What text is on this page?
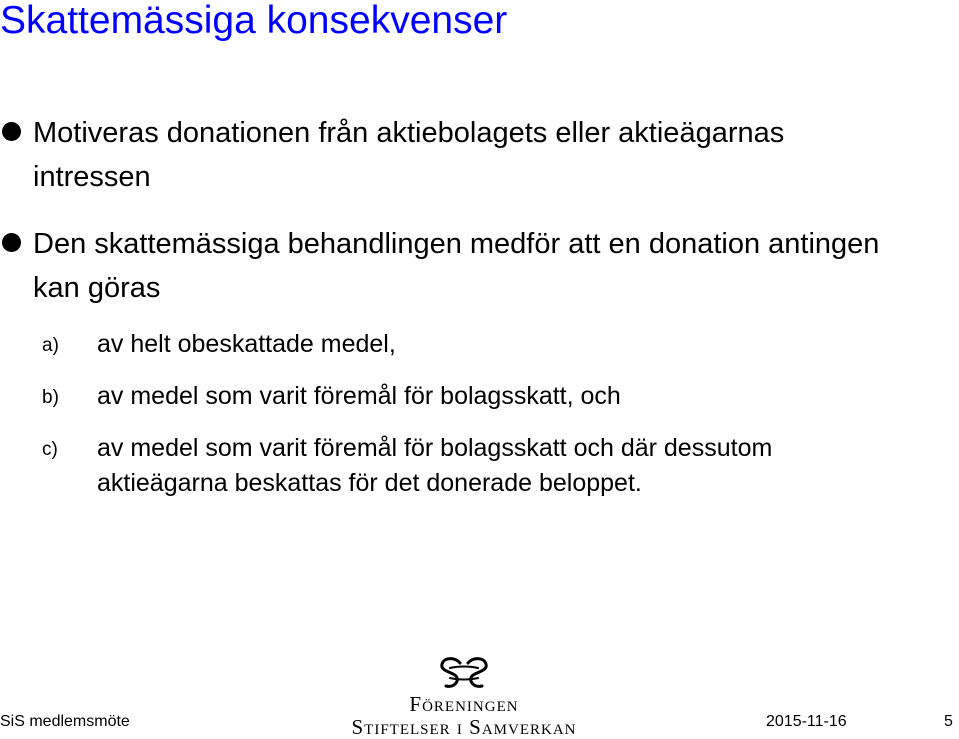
Skattemässiga konsekvenser
Motiveras donationen från aktiebolagets eller aktieägarnas intressen
Den skattemässiga behandlingen medför att en donation antingen kan göras
a) av helt obeskattade medel,
b) av medel som varit föremål för bolagsskatt, och
c) av medel som varit föremål för bolagsskatt och där dessutom aktieägarna beskattas för det donerade beloppet.
SiS medlemsmöte
Föreningen
Stiftelser i Samverkan	2015-11-16	5
